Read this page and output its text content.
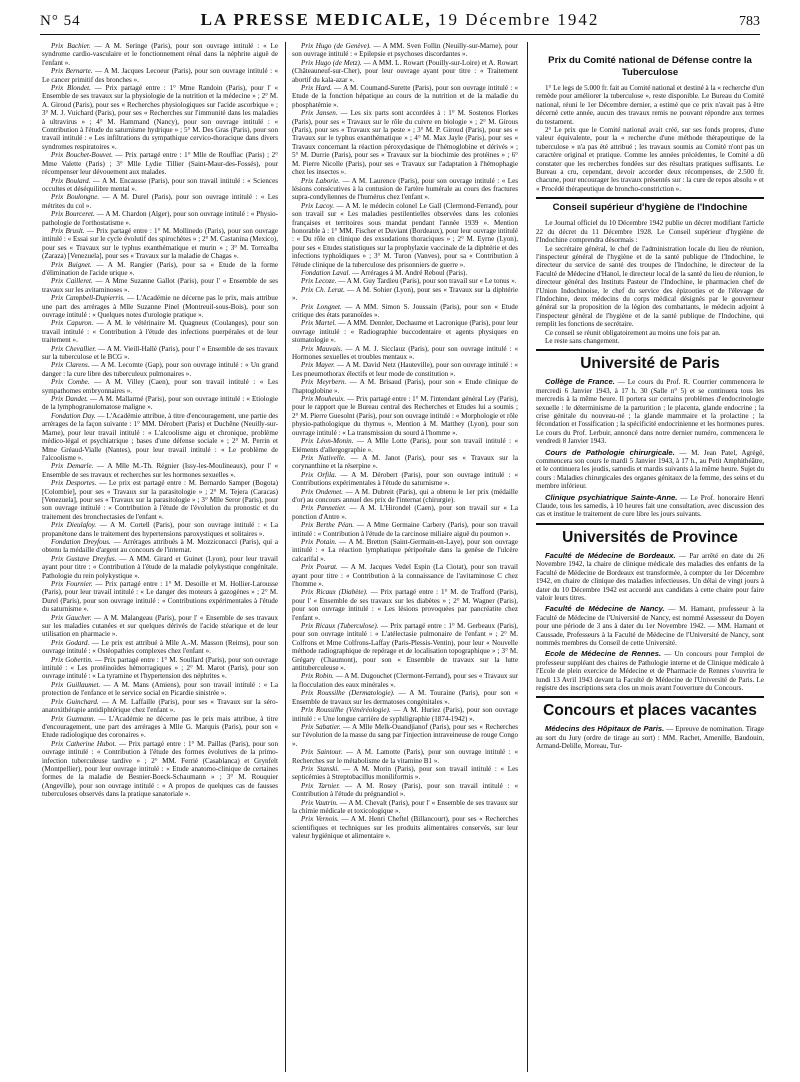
N° 54	LA PRESSE MEDICALE, 19 Décembre 1942	783

Prix Bachier. — A M. Seringe (Paris), pour son ouvrage intitulé : « Le syndrome cardio-vasculaire et le fonctionnement rénal dans la néphrite aiguë de l'enfant ».

Prix Bernarte. — A M. Jacques Lecoeur (Paris), pour son ouvrage intitulé : « Le cancer primitif des bronches ».

Prix Blondet. — Prix partagé entre : 1° Mme Randoin (Paris), pour l' « Ensemble de ses travaux sur la physiologie de la nutrition et la médecine » ; 2° M. A. Giroud (Paris), pour ses « Recherches physiologiques sur l'acide ascorbique » ; 3° M. J. Vuichard (Paris), pour ses « Recherches sur l'immunité dans les maladies à ultravirus » ; 4° M. Hammand (Nancy), pour son ouvrage intitulé : « Contribution à l'étude du saturnisme hydrique » ; 5° M. Des Gras (Paris), pour son travail intitulé : « Les infiltrations du sympathique cervico-thoracique dans divers syndromes respiratoires ».

Prix Bouchet-Bouvet. — Prix partagé entre : 1° Mlle de Rouffiac (Paris) ; 2° Mme Valette (Paris) ; 3° Mlle Lydie Tillier (Saint-Maur-des-Fossés), pour récompenser leur dévouement aux malades.

Prix Boulard. — A M. Encausse (Paris), pour son travail intitulé : « Sciences occultes et déséquilibre mental ».

Prix Boulongne. — A M. Durel (Paris), pour son ouvrage intitulé : « Les métrites du col ».

Prix Bourceret. — A M. Chardon (Alger), pour son ouvrage intitulé : « Physio-pathologie de l'orthostatisme ».

Prix Bruslt. — Prix partagé entre : 1° M. Mollinedo (Paris), pour son ouvrage intitulé : « Essai sur le cycle évolutif des spirochètes » ; 2° M. Castanina (Mexico), pour ses « Travaux sur le typhus exanthématique et murin » ; 3° M. Torrealba (Zaraza) [Venezuela], pour ses « Travaux sur la maladie de Chagas ».

Prix Buignet. — A M. Rangier (Paris), pour sa « Etude de la forme d'élimination de l'acide urique ».

Prix Cailleret. — A Mme Suzanne Gallot (Paris), pour l' « Ensemble de ses travaux sur les avitaminoses ».

Prix Campbell-Dupierris. — L'Académie ne décerne pas le prix, mais attribue une part des arrérages à Mlle Suzanne Pinel (Montreuil-sous-Bois), pour son ouvrage intitulé : « Quelques notes d'urologie pratique ».

Prix Capuron. — A M. le vétérinaire M. Quagneux (Coulanges), pour son travail intitulé : « Contribution à l'étude des infections puerpérales et de leur traitement ».

Prix Chevallier. — A M. Vieill-Hallé (Paris), pour l' « Ensemble de ses travaux sur la tuberculose et le BCG ».

Prix Clarens. — A M. Lecomte (Gap), pour son ouvrage intitulé : « Un grand danger : la cure libre des tuberculeux pulmonaires ».

Prix Combe. — A M. Villey (Caen), pour son travail intitulé : « Les sympathomes embryonnaires ».

Prix Dandet. — A M. Mallarmé (Paris), pour son ouvrage intitulé : « Etiologie de la lymphogranulomatose maligne ».

Fondation Day. — L'Académie attribue, à titre d'encouragement, une partie des arrérages de la façon suivante : 1° MM. Dérobert (Paris) et Duchêne (Neuilly-sur-Marne), pour leur travail intitulé : « L'alcoolisme aigu et chronique, problème médico-légal et psychiatrique ; bases d'une défense sociale » ; 2° M. Perrin et Mme Gréaud-Vialle (Nantes), pour leur travail intitulé : « Le problème de l'alcoolisme ».

Prix Demarle. — A Mlle M.-Th. Régnier (Issy-les-Moulineaux), pour l' « Ensemble de ses travaux et recherches sur les hormones sexuelles ».

Prix Desportes. — Le prix est partagé entre : M. Bernardo Samper (Bogota) [Colombie], pour ses « Travaux sur la parasitologie » ; 2° M. Tejera (Caracas) [Venezuela], pour ses « Travaux sur la parasitologie » ; 3° Mlle Seror (Paris), pour son ouvrage intitulé : « Contribution à l'étude de l'évolution du pronostic et du traitement des bronchectasies de l'enfant ».

Prix Dieulafoy. — A M. Cortell (Paris), pour son ouvrage intitulé : « La propanétone dans le traitement des hypertensions paroxystiques et solitaires ».

Fondation Dreyfous. — Arrérages attribués à M. Mozziconacci (Paris), qui a obtenu la médaille d'argent au concours de l'internat.

Prix Gustave Dreyfus. — A MM. Girard et Guinet (Lyon), pour leur travail ayant pour titre : « Contribution à l'étude de la maladie polykystique congénitale. Pathologie du rein polykystique ».

Prix Fournier. — Prix partagé entre : 1° M. Desoille et M. Hollier-Larousse (Paris), pour leur travail intitulé : « Le danger des moteurs à gazogènes » ; 2° M. Durel (Paris), pour son ouvrage intitulé : « Contributions expérimentales à l'étude du saturnisme ».

Prix Gaucher. — A M. Malangeau (Paris), pour l' « Ensemble de ses travaux sur les maladies cutanées et sur quelques dérivés de l'acide stéarique et de leur utilisation en pharmacie ».

Prix Godard. — Le prix est attribué à Mlle A.-M. Masson (Reims), pour son ouvrage intitulé : « Ostéopathies complexes chez l'enfant ».

Prix Gobertin. — Prix partagé entre : 1° M. Soullard (Paris), pour son ouvrage intitulé : « Les protéinoïdes hémorragiques » ; 2° M. Marot (Paris), pour son ouvrage intitulé : « La tyramine et l'hypertension des néphrites ».

Prix Guillaumet. — A M. Mans (Amiens), pour son travail intitulé : « La protection de l'enfance et le service social en Picardie sinistrée ».

Prix Guinchard. — A M. Laffaille (Paris), pour ses « Travaux sur la séro-anatoxithérapie antidiphtérique chez l'enfant ».

Prix Guzmann. — L'Académie ne décerne pas le prix mais attribue, à titre d'encouragement, une part des arrérages à Mlle G. Marquis (Paris), pour son « Etude radiologique des coronaires ».

Prix Catherine Hubot. — Prix partagé entre : 1° M. Paillas (Paris), pour son ouvrage intitulé : « Contribution à l'étude des formes évolutives de la primo-infection tuberculeuse tardive » ; 2° MM. Ferrié (Casablanca) et Grynfelt (Montpellier), pour leur ouvrage intitulé : « Etude anatomo-clinique de certaines formes de la maladie de Besnier-Boeck-Schaumann » ; 3° M. Rouquier (Angeville), pour son ouvrage intitulé : « A propos de quelques cas de fausses tuberculoses observés dans la pratique sanatoriale ».

Prix Hugo (de Genève). — A MM. Sven Follin (Neuilly-sur-Marne), pour son ouvrage intitulé : « Epilepsie et psychoses discordantes ».

Prix Hugo (de Metz). — A MM. L. Rowart (Pouilly-sur-Loire) et A. Rowart (Châteauneuf-sur-Cher), pour leur ouvrage ayant pour titre : « Traitement abortif du kala-azar ».

Prix Hard. — A M. Coumand-Surette (Paris), pour son ouvrage intitulé : « Etude de la fonction hépatique au cours de la nutrition et de la maladie du phosphatémie ».

Prix Jansen. — Les six parts sont accordées à : 1° M. Sostenos Florkes (Paris), pour ses « Travaux sur le rôle du cuivre en biologie » ; 2° M. Girous (Paris), pour ses « Travaux sur la peste » ; 3° M. P. Giroud (Paris), pour ses « Travaux sur le typhus exanthématique » ; 4° M. Max Jayle (Paris), pour ses « Travaux concernant la réaction péroxydasique de l'hémoglobine et dérivés » ; 5° M. Durrie (Paris), pour ses « Travaux sur la biochimie des protéines » ; 6° M. Pierre Nicolle (Paris), pour ses « Travaux sur l'adaptation à l'hémophagie chez les insectes ».

Prix Laborie. — A M. Laurence (Paris), pour son ouvrage intitulé : « Les lésions consécutives à la contusion de l'artère humérale au cours des fractures supra-condyliennes de l'humérus chez l'enfant ».

Prix Lacoy. — A M. le médecin colonel Le Gall (Clermond-Ferrand), pour son travail sur « Les maladies pestilentielles observées dans les colonies françaises et territoires sous mandat pendant l'année 1939 ». Mention honorable à : 1° MM. Fischer et Duviant (Bordeaux), pour leur ouvrage intitulé : « Du rôle en clinique des exsudations thoraciques » ; 2° M. Eyrne (Lyon), pour ses « Etudes statistiques sur la prophylaxie vaccinale de la diphtérie et des infections typhoïdiques » ; 3° M. Turon (Vanves), pour sa « Contribution à l'étude clinique de la tuberculose des prisonniers de guerre ».

Fondation Laval. — Arrérages à M. André Reboul (Paris).

Prix Lecoze. — A M. Guy Tardieu (Paris), pour son travail sur « Le tonus ».

Prix Ch. Lerat. — A M. Sohier (Lyon), pour ses « Travaux sur la diphtérie ».

Prix Longnet. — A MM. Simon S. Joussain (Paris), pour son « Etude critique des états paranoïdes ».

Prix Martel. — A MM. Dennler, Dechaume et Lacronique (Paris), pour leur ouvrage intitulé : « Radiographie buccodentaire et agents physiques en stomatologie ».

Prix Mauvais. — A M. J. Sicclauz (Paris), pour son ouvrage intitulé : « Hormones sexuelles et troubles mentaux ».

Prix Mayer. — A M. David Netz (Hauteville), pour son ouvrage intitulé : « Les pneumothorax électifs et leur mode de constitution ».

Prix Meyrbern. — A M. Brisaud (Paris), pour son « Etude clinique de l'haptoglobine ».

Prix Mouheuix. — Prix partagé entre : 1° M. l'intendant général Ley (Paris), pour le rapport que le Bureau central des Recherches et Etudes lui a soumis ; 2° M. Pierre Guesolnt (Paris), pour son ouvrage intitulé : « Morphologie et rôle physio-pathologique du thymus », Mention à M. Matthey (Lyon), pour son ouvrage intitulé : « La transmission du sourd à l'homme ».

Prix Léon-Monin. — A Mlle Lotte (Paris), pour son travail intitulé : « Eléments d'allergographie ».

Prix Nativelle. — A M. Janot (Paris), pour ses « Travaux sur la corynanthine et la réserpine ».

Prix Orfila. — A M. Dérobert (Paris), pour son ouvrage intitulé : « Contributions expérimentales à l'étude du saturnisme ».

Prix Ondemet. — A M. Dubreit (Paris), qui a obtenu le 1er prix (médaille d'or) au concours annuel des prix de l'internat (chirurgie).

Prix Pannetier. — A M. L'Hirondel (Caen), pour son travail sur « La ponction d'Antre ».

Prix Berthe Péan. — A Mme Germaine Carbery (Paris), pour son travail intitulé : « Contribution à l'étude de la carcinose miliaire aiguë du poumon ».

Prix Potain. — A M. Bretton (Saint-Germain-en-Laye), pour son ouvrage intitulé : « La réaction lymphatique péripoétale dans la genèse de l'ulcère calcarifal ».

Prix Pourat. — A M. Jacques Vedel Espin (La Ciotat), pour son travail ayant pour titre : « Contribution à la connaissance de l'avitaminose C chez l'homme ».

Prix Ricaux (Diabète). — Prix partagé entre : 1° M. de Trafford (Paris), pour l' « Ensemble de ses travaux sur les diabètes » ; 2° M. Wagner (Paris), pour son ouvrage intitulé : « Les lésions provoquées par pancréatite chez l'enfant ».

Prix Ricaux (Tuberculose). — Prix partagé entre : 1° M. Gerbeaux (Paris), pour son ouvrage intitulé : « L'atélectasie pulmonaire de l'enfant » ; 2° M. Colfrons et Mme Colfrons-Laffay (Paris-Plessis-Ventin), pour leur « Nouvelle méthode radiographique de repérage et de localisation topographique » ; 3° M. Grégary (Chaumont), pour son « Ensemble de travaux sur la lutte antituberculeuse ».

Prix Robin. — A M. Dugouchet (Clermont-Ferrand), pour ses « Travaux sur la flocculation des eaux minérales ».

Prix Roussilhe (Dermatologie). — A M. Touraine (Paris), pour son « Ensemble de travaux sur les dermatoses congénitales ».

Prix Roussilhe (Vénéréologie). — A M. Huriez (Paris), pour son ouvrage intitulé : « Une longue carrière de syphiligraphie (1874-1942) ».

Prix Sabatier. — A Mlle Melk-Ouandjianof (Paris), pour ses « Recherches sur l'évolution de la masse du sang par l'injection intraveineuse de rouge Congo ».

Prix Saintour. — A M. Lamotte (Paris), pour son ouvrage intitulé : « Recherches sur le métabolisme de la vitamine B1 ».

Prix Stanski. — A M. Morin (Paris), pour son travail intitulé : « Les septicémies à Streptobacillus moniliformis ».

Prix Tarnier. — A M. Rosey (Paris), pour son travail intitulé : « Contribution à l'étude du prégnandiol ».

Prix Vautrin. — A M. Chevalt (Paris), pour l' « Ensemble de ses travaux sur la chimie médicale et toxicologique ».

Prix Vernois. — A M. Henri Cheftel (Billancourt), pour ses « Recherches scientifiques et techniques sur les produits alimentaires conservés, sur leur valeur hygiénique et alimentaire ».

Prix du Comité national de Défense contre la Tuberculose

1° Le legs de 5.000 fr. fait au Comité national et destiné à la « recherche d'un remède pour améliorer la tuberculose », reste disponible. Le Bureau du Comité national, réuni le 1er Décembre dernier, a estimé que ce prix n'avait pas à être décerné cette année, aucun des travaux remis ne pouvant répondre aux termes du testament.

2° Le prix que le Comité national avait créé, sur ses fonds propres, d'une valeur équivalente, pour la « recherche d'une méthode thérapeutique de la tuberculose » n'a pas été attribué ; les travaux soumis au Comité n'ont pas un caractère original et pratique. Comme les années précédentes, le Comité a dû constater que les recherches fondées sur des résultats pratiques suffisants. Le Bureau a cru, cependant, devoir accorder deux récompenses, de 2.500 fr. chacune, pour encourager les travaux présentés sur : la cure de repos absolu » et « Procédé thérapeutique de broncho-constriction ».

Conseil supérieur d'hygiène de l'Indochine

Le Journal officiel du 10 Décembre 1942 publie un décret modifiant l'article 22 du décret du 11 Décembre 1928. Le Conseil supérieur d'hygiène de l'Indochine comprendra désormais :

Le secrétaire général, le chef de l'administration locale du lieu de réunion, l'inspecteur général de l'hygiène et de la santé publique de l'Indochine, le directeur du service de santé des troupes de l'Indochine, le directeur de la Faculté de Médecine d'Hanoï, le directeur local de la santé du lieu de réunion, le directeur général des Instituts Pasteur de l'Indochine, le pharmacien chef de l'Union Indochinoise, le chef du service des épizooties et de l'élevage de l'Indochine, deux médecins du corps médical désignés par le gouverneur général sur la proposition de la légion des combattants, le médecin adjoint à l'inspecteur général de l'hygiène et de la santé publique de l'Indochine, qui remplit les fonctions de secrétaire.

Ce conseil se réunit obligatoirement au moins une fois par an.

Le reste sans changement.

Université de Paris

Collège de France. — Le cours du Prof. R. Courrier commencera le mercredi 6 Janvier 1943, à 17 h. 30 (Salle n° 5) et se continuera tous les mercredis à la même heure. Il portera sur certains problèmes d'endocrinologie sexuelle : le déterminisme de la parturition ; le placenta, glande endocrine ; la crise génitale du nouveau-né ; la glande mammaire et la prolactine ; la fécondation et l'ossification ; la spécificité endocrinienne et les hormones pures. Le cours du Prof. Lerbuir, annoncé dans notre dernier numéro, commencera le vendredi 8 Janvier 1943.

Cours de Pathologie chirurgicale. — M. Jean Patel, Agrégé, commencera son cours le mardi 5 Janvier 1943, à 17 h., au Petit Amphithéâtre, et le continuera les jeudis, samedis et mardis suivants à la même heure. Sujet du cours : Maladies chirurgicales des organes génitaux de la femme, des seins et du membre inférieur.

Clinique psychiatrique Sainte-Anne. — Le Prof. honoraire Henri Claude, tous les samedis, à 10 heures fait une consultation, avec discussion des cas et institue le traitement de cure libre les jours suivants.

Universités de Province

Faculté de Médecine de Bordeaux. — Par arrêté en date du 26 Novembre 1942, la chaire de clinique médicale des maladies des enfants de la Faculté de Médecine de Bordeaux est transformée, à compter du 1er Décembre 1942, en chaire de clinique des maladies infectieuses. Un délai de vingt jours à dater du 10 Décembre 1942 est accordé aux candidats à cette chaire pour faire valoir leurs titres.

Faculté de Médecine de Nancy. — M. Hamant, professeur à la Faculté de Médecine de l'Université de Nancy, est nommé Assesseur du Doyen pour une période de 3 ans à dater du 1er Novembre 1942. — MM. Hamant et Caussade, Professeurs à la Faculté de Médecine de l'Université de Nancy, sont nommés membres du Conseil de cette Université.

Ecole de Médecine de Rennes. — Un concours pour l'emploi de professeur suppléant des chaires de Pathologie interne et de Clinique médicale à l'Ecole de plein exercice de Médecine et de Pharmacie de Rennes s'ouvrira le lundi 13 Avril 1943 devant la Faculté de Médecine de l'Université de Paris. Le registre des inscriptions sera clos un mois avant l'ouverture du Concours.

Concours et places vacantes

Médecins des Hôpitaux de Paris. — Epreuve de nomination. Tirage au sort du Jury (ordre de tirage au sort) : MM. Rachet, Amenille, Baudouin, Armand-Delille, Moreau, Tur-
